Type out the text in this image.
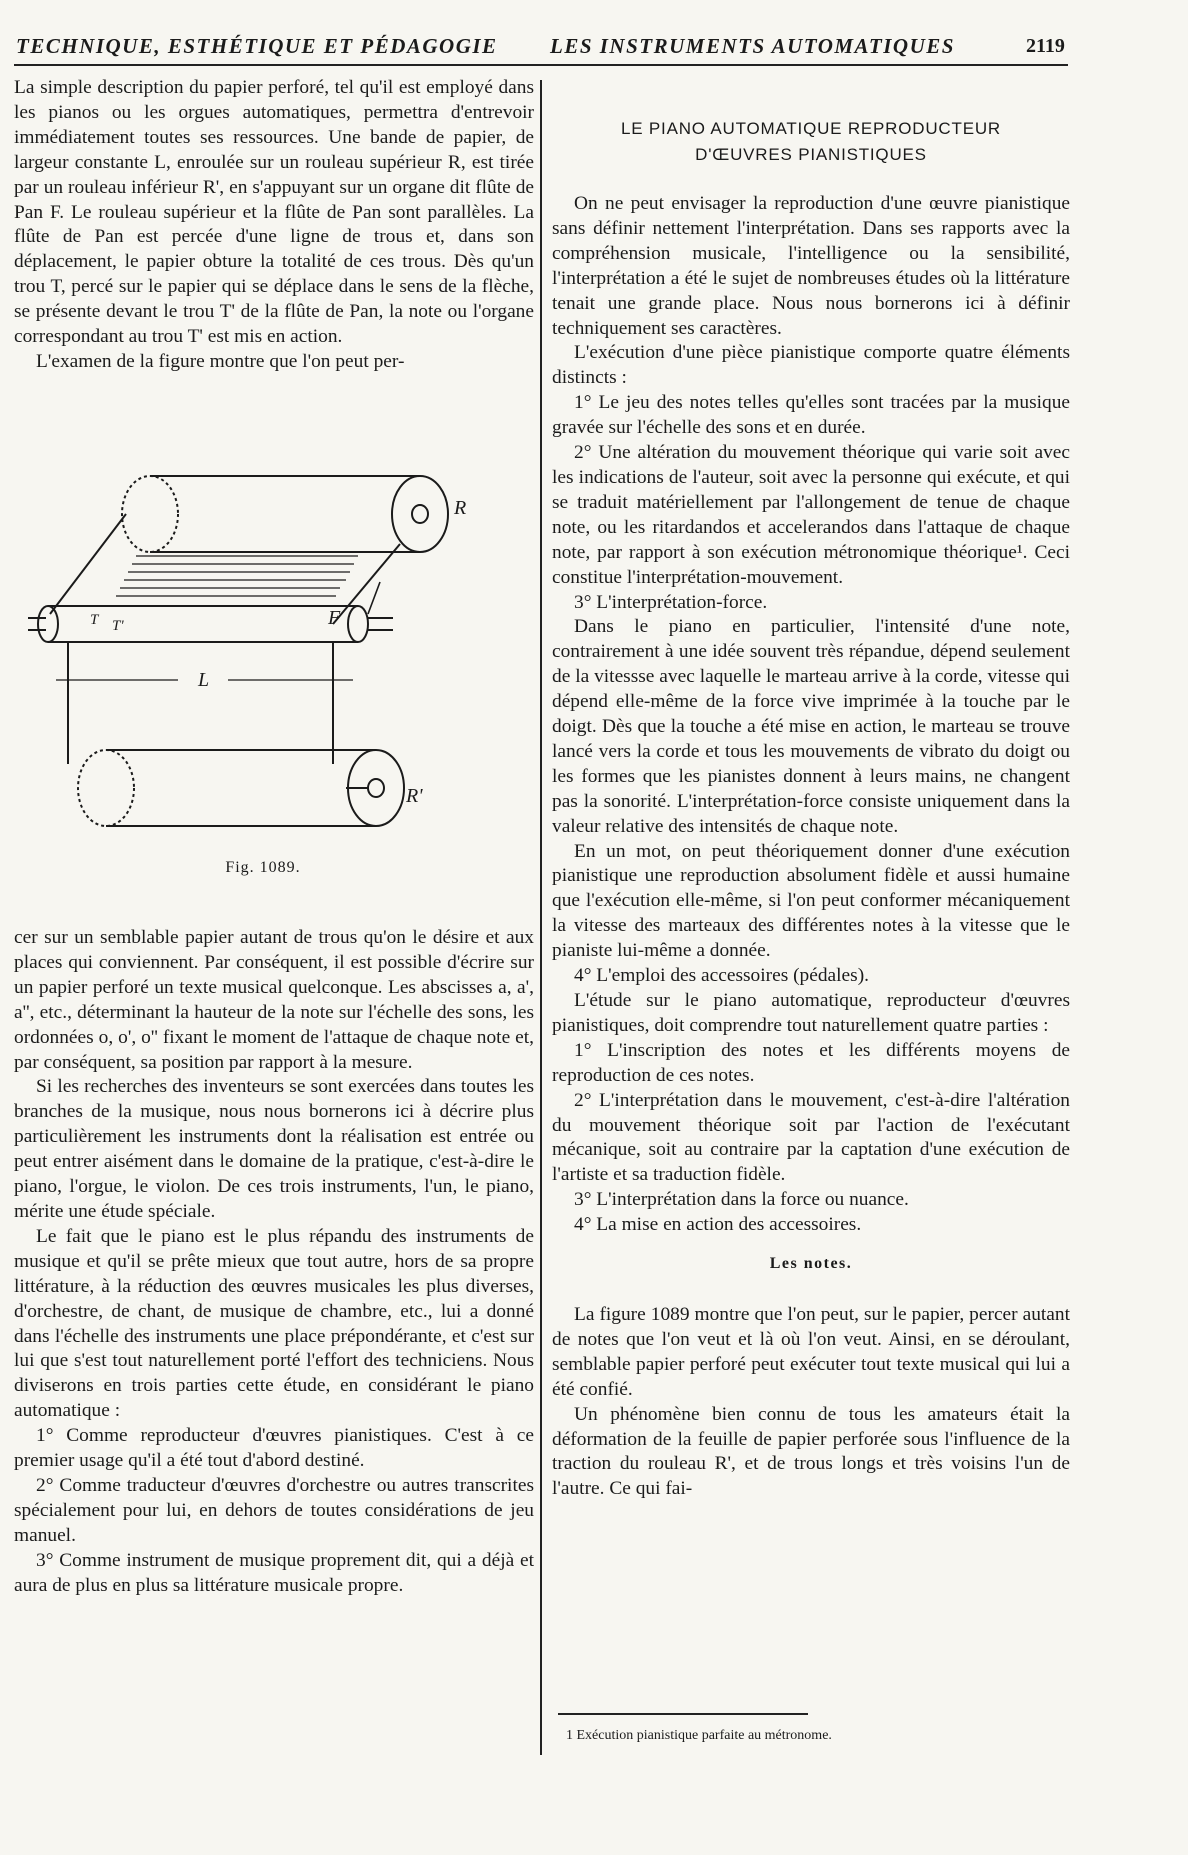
TECHNIQUE, ESTHÉTIQUE ET PÉDAGOGIE LES INSTRUMENTS AUTOMATIQUES	2119

La simple description du papier perforé, tel qu'il est employé dans les pianos ou les orgues automatiques, permettra d'entrevoir immédiatement toutes ses ressources. Une bande de papier, de largeur constante L, enroulée sur un rouleau supérieur R, est tirée par un rouleau inférieur R', en s'appuyant sur un organe dit flûte de Pan F. Le rouleau supérieur et la flûte de Pan sont parallèles. La flûte de Pan est percée d'une ligne de trous et, dans son déplacement, le papier obture la totalité de ces trous. Dès qu'un trou T, percé sur le papier qui se déplace dans le sens de la flèche, se présente devant le trou T' de la flûte de Pan, la note ou l'organe correspondant au trou T' est mis en action.

L'examen de la figure montre que l'on peut per-

R
R'
F
L
T T'
Fig. 1089.

cer sur un semblable papier autant de trous qu'on le désire et aux places qui conviennent. Par conséquent, il est possible d'écrire sur un papier perforé un texte musical quelconque. Les abscisses a, a', a'', etc., déterminant la hauteur de la note sur l'échelle des sons, les ordonnées o, o', o'' fixant le moment de l'attaque de chaque note et, par conséquent, sa position par rapport à la mesure.

Si les recherches des inventeurs se sont exercées dans toutes les branches de la musique, nous nous bornerons ici à décrire plus particulièrement les instruments dont la réalisation est entrée ou peut entrer aisément dans le domaine de la pratique, c'est-à-dire le piano, l'orgue, le violon. De ces trois instruments, l'un, le piano, mérite une étude spéciale.

Le fait que le piano est le plus répandu des instruments de musique et qu'il se prête mieux que tout autre, hors de sa propre littérature, à la réduction des œuvres musicales les plus diverses, d'orchestre, de chant, de musique de chambre, etc., lui a donné dans l'échelle des instruments une place prépondérante, et c'est sur lui que s'est tout naturellement porté l'effort des techniciens. Nous diviserons en trois parties cette étude, en considérant le piano automatique :

1° Comme reproducteur d'œuvres pianistiques. C'est à ce premier usage qu'il a été tout d'abord destiné.

2° Comme traducteur d'œuvres d'orchestre ou autres transcrites spécialement pour lui, en dehors de toutes considérations de jeu manuel.

3° Comme instrument de musique proprement dit, qui a déjà et aura de plus en plus sa littérature musicale propre.

LE PIANO AUTOMATIQUE REPRODUCTEUR
D'ŒUVRES PIANISTIQUES

On ne peut envisager la reproduction d'une œuvre pianistique sans définir nettement l'interprétation. Dans ses rapports avec la compréhension musicale, l'intelligence ou la sensibilité, l'interprétation a été le sujet de nombreuses études où la littérature tenait une grande place. Nous nous bornerons ici à définir techniquement ses caractères.

L'exécution d'une pièce pianistique comporte quatre éléments distincts :

1° Le jeu des notes telles qu'elles sont tracées par la musique gravée sur l'échelle des sons et en durée.

2° Une altération du mouvement théorique qui varie soit avec les indications de l'auteur, soit avec la personne qui exécute, et qui se traduit matériellement par l'allongement de tenue de chaque note, ou les ritardandos et accelerandos dans l'attaque de chaque note, par rapport à son exécution métronomique théorique¹. Ceci constitue l'interprétation-mouvement.

3° L'interprétation-force.

Dans le piano en particulier, l'intensité d'une note, contrairement à une idée souvent très répandue, dépend seulement de la vitessse avec laquelle le marteau arrive à la corde, vitesse qui dépend elle-même de la force vive imprimée à la touche par le doigt. Dès que la touche a été mise en action, le marteau se trouve lancé vers la corde et tous les mouvements de vibrato du doigt ou les formes que les pianistes donnent à leurs mains, ne changent pas la sonorité. L'interprétation-force consiste uniquement dans la valeur relative des intensités de chaque note.

En un mot, on peut théoriquement donner d'une exécution pianistique une reproduction absolument fidèle et aussi humaine que l'exécution elle-même, si l'on peut conformer mécaniquement la vitesse des marteaux des différentes notes à la vitesse que le pianiste lui-même a donnée.

4° L'emploi des accessoires (pédales).

L'étude sur le piano automatique, reproducteur d'œuvres pianistiques, doit comprendre tout naturellement quatre parties :

1° L'inscription des notes et les différents moyens de reproduction de ces notes.

2° L'interprétation dans le mouvement, c'est-à-dire l'altération du mouvement théorique soit par l'action de l'exécutant mécanique, soit au contraire par la captation d'une exécution de l'artiste et sa traduction fidèle.

3° L'interprétation dans la force ou nuance.

4° La mise en action des accessoires.

Les notes.

La figure 1089 montre que l'on peut, sur le papier, percer autant de notes que l'on veut et là où l'on veut. Ainsi, en se déroulant, semblable papier perforé peut exécuter tout texte musical qui lui a été confié.

Un phénomène bien connu de tous les amateurs était la déformation de la feuille de papier perforée sous l'influence de la traction du rouleau R', et de trous longs et très voisins l'un de l'autre. Ce qui fai-

1 Exécution pianistique parfaite au métronome.
